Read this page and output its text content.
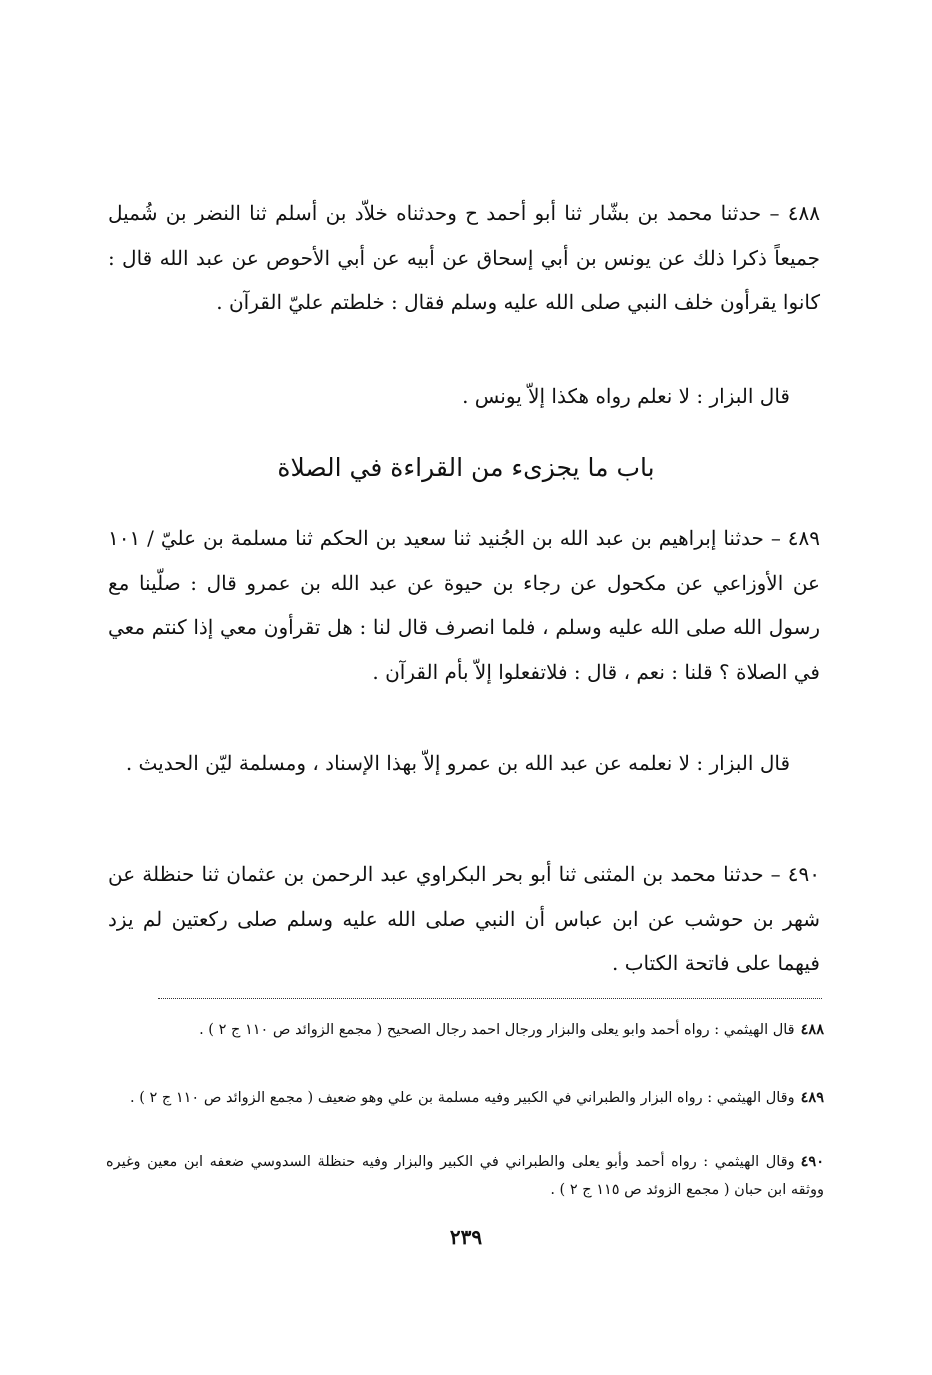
٤٨٨ – حدثنا محمد بن بشّار ثنا أبو أحمد ح وحدثناه خلاّد بن أسلم ثنا النضر بن شُميل جميعاً ذكرا ذلك عن يونس بن أبي إسحاق عن أبيه عن أبي الأحوص عن عبد الله قال : كانوا يقرأون خلف النبي صلى الله عليه وسلم فقال : خلطتم عليّ القرآن .

قال البزار : لا نعلم رواه هكذا إلاّ يونس .

باب ما يجزىء من القراءة في الصلاة

٤٨٩ – حدثنا إبراهيم بن عبد الله بن الجُنيد ثنا سعيد بن الحكم ثنا مسلمة بن عليّ / ١٠١ عن الأوزاعي عن مكحول عن رجاء بن حيوة عن عبد الله بن عمرو قال : صلّينا مع رسول الله صلى الله عليه وسلم ، فلما انصرف قال لنا : هل تقرأون معي إذا كنتم معي في الصلاة ؟ قلنا : نعم ، قال : فلاتفعلوا إلاّ بأم القرآن .

قال البزار : لا نعلمه عن عبد الله بن عمرو إلاّ بهذا الإسناد ، ومسلمة ليّن الحديث .

٤٩٠ – حدثنا محمد بن المثنى ثنا أبو بحر البكراوي عبد الرحمن بن عثمان ثنا حنظلة عن شهر بن حوشب عن ابن عباس أن النبي صلى الله عليه وسلم صلى ركعتين لم يزد فيهما على فاتحة الكتاب .

٤٨٨قال الهيثمي : رواه أحمد وابو يعلى والبزار ورجال احمد رجال الصحيح ( مجمع الزوائد ص ١١٠ ج ٢ ) .
٤٨٩وقال الهيثمي : رواه البزار والطبراني في الكبير وفيه مسلمة بن علي وهو ضعيف ( مجمع الزوائد ص ١١٠ ج ٢ ) .
٤٩٠وقال الهيثمي : رواه أحمد وأبو يعلى والطبراني في الكبير والبزار وفيه حنظلة السدوسي ضعفه ابن معين وغيره ووثقه ابن حبان ( مجمع الزوئد ص ١١٥ ج ٢ ) .
٢٣٩
